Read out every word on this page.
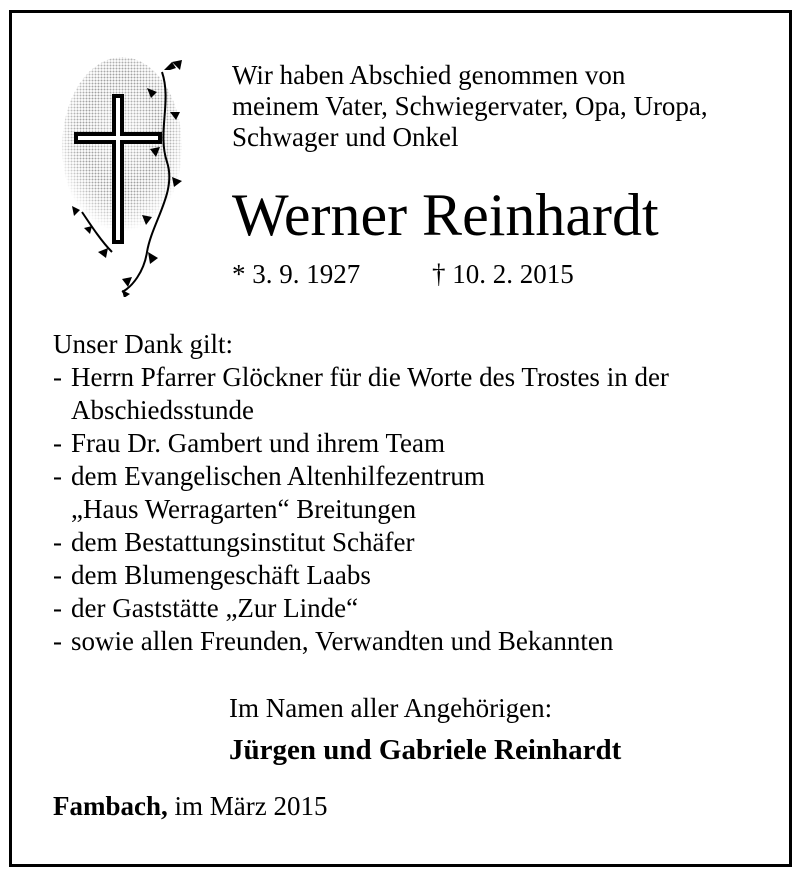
Wir haben Abschied genommen von
meinem Vater, Schwiegervater, Opa, Uropa,
Schwager und Onkel
Werner Reinhardt
* 3. 9. 1927	† 10. 2. 2015
Unser Dank gilt:
- Herrn Pfarrer Glöckner für die Worte des Trostes in der
Abschiedsstunde
- Frau Dr. Gambert und ihrem Team
- dem Evangelischen Altenhilfezentrum
„Haus Werragarten“ Breitungen
- dem Bestattungsinstitut Schäfer
- dem Blumengeschäft Laabs
- der Gaststätte „Zur Linde“
- sowie allen Freunden, Verwandten und Bekannten
Im Namen aller Angehörigen:
Jürgen und Gabriele Reinhardt
Fambach, im März 2015
